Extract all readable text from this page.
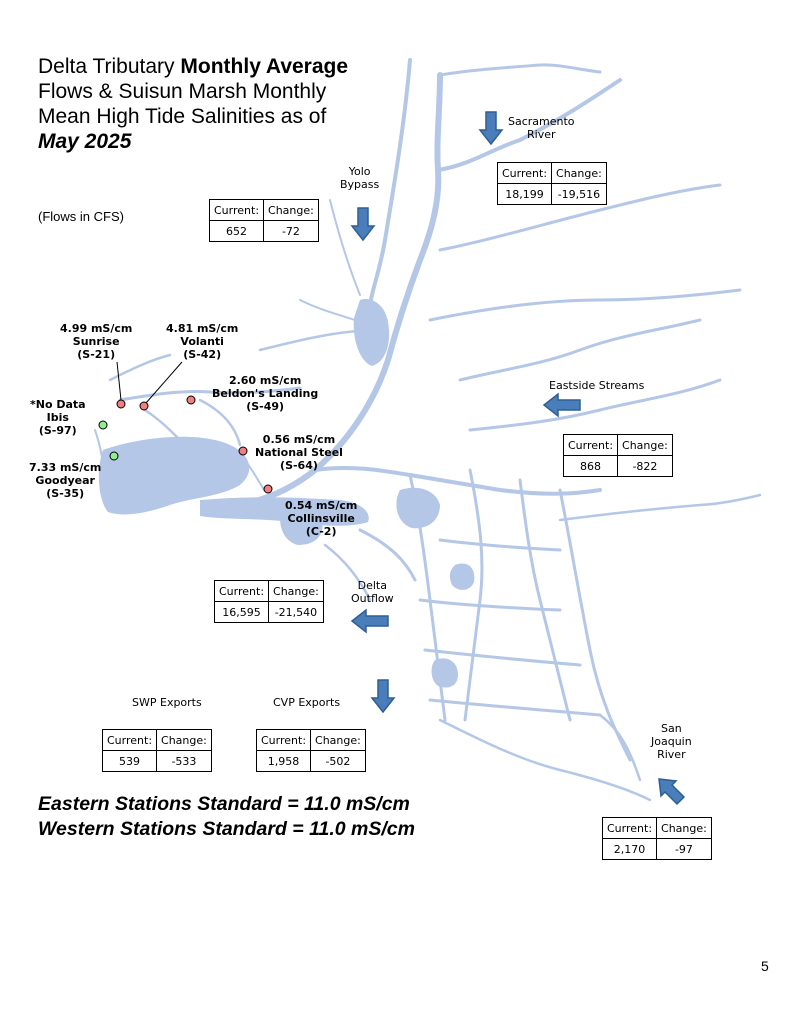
Delta Tributary Monthly Average
Flows & Suisun Marsh Monthly
Mean High Tide Salinities as of
May 2025
(Flows in CFS)
Sacramento
River
Current:	Change:
18,199	-19,516
Yolo
Bypass
Current:	Change:
652	-72
Eastside Streams
Current:	Change:
868	-822
Delta
Outflow
Current:	Change:
16,595	-21,540
SWP Exports
Current:	Change:
539	-533
CVP Exports
Current:	Change:
1,958	-502
San
Joaquin
River
Current:	Change:
2,170	-97
4.99 mS/cm
Sunrise
(S-21)
4.81 mS/cm
Volanti
(S-42)
2.60 mS/cm
Beldon's Landing
(S-49)
*No Data
Ibis
(S-97)
7.33 mS/cm
Goodyear
(S-35)
0.56 mS/cm
National Steel
(S-64)
0.54 mS/cm
Collinsville
(C-2)
Eastern Stations Standard = 11.0 mS/cm
Western Stations Standard = 11.0 mS/cm
5
